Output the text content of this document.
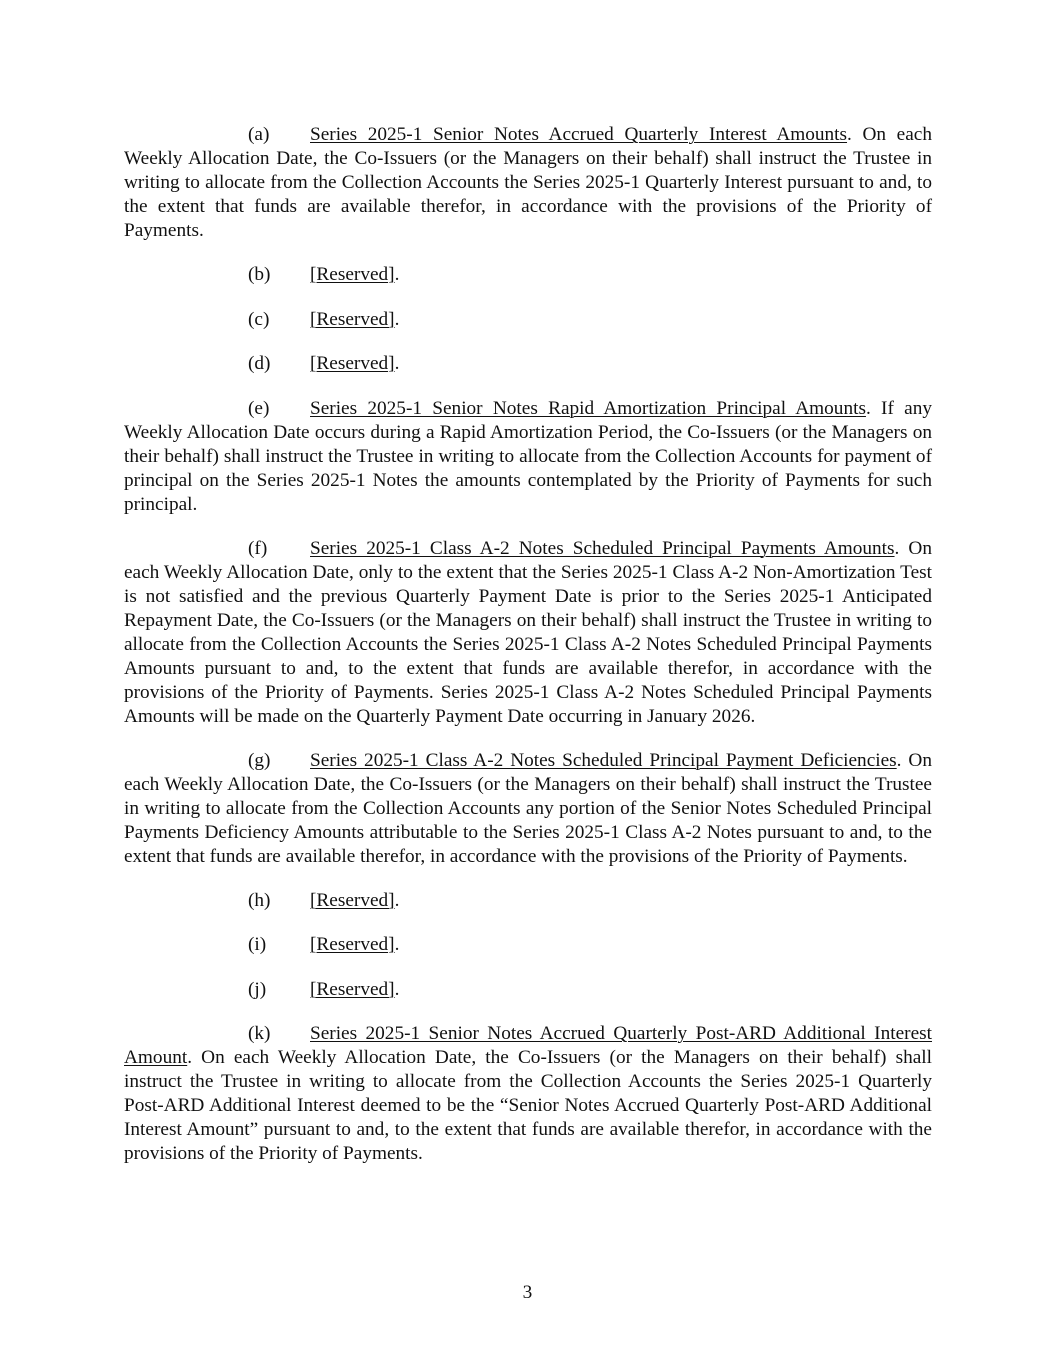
(a) Series 2025-1 Senior Notes Accrued Quarterly Interest Amounts. On each Weekly Allocation Date, the Co-Issuers (or the Managers on their behalf) shall instruct the Trustee in writing to allocate from the Collection Accounts the Series 2025-1 Quarterly Interest pursuant to and, to the extent that funds are available therefor, in accordance with the provisions of the Priority of Payments.

(b) [Reserved].

(c) [Reserved].

(d) [Reserved].

(e) Series 2025-1 Senior Notes Rapid Amortization Principal Amounts. If any Weekly Allocation Date occurs during a Rapid Amortization Period, the Co-Issuers (or the Managers on their behalf) shall instruct the Trustee in writing to allocate from the Collection Accounts for payment of principal on the Series 2025-1 Notes the amounts contemplated by the Priority of Payments for such principal.

(f) Series 2025-1 Class A-2 Notes Scheduled Principal Payments Amounts. On each Weekly Allocation Date, only to the extent that the Series 2025-1 Class A-2 Non-Amortization Test is not satisfied and the previous Quarterly Payment Date is prior to the Series 2025-1 Anticipated Repayment Date, the Co-Issuers (or the Managers on their behalf) shall instruct the Trustee in writing to allocate from the Collection Accounts the Series 2025-1 Class A-2 Notes Scheduled Principal Payments Amounts pursuant to and, to the extent that funds are available therefor, in accordance with the provisions of the Priority of Payments. Series 2025-1 Class A-2 Notes Scheduled Principal Payments Amounts will be made on the Quarterly Payment Date occurring in January 2026.

(g) Series 2025-1 Class A-2 Notes Scheduled Principal Payment Deficiencies. On each Weekly Allocation Date, the Co-Issuers (or the Managers on their behalf) shall instruct the Trustee in writing to allocate from the Collection Accounts any portion of the Senior Notes Scheduled Principal Payments Deficiency Amounts attributable to the Series 2025-1 Class A-2 Notes pursuant to and, to the extent that funds are available therefor, in accordance with the provisions of the Priority of Payments.

(h) [Reserved].

(i) [Reserved].

(j) [Reserved].

(k) Series 2025-1 Senior Notes Accrued Quarterly Post-ARD Additional Interest Amount. On each Weekly Allocation Date, the Co-Issuers (or the Managers on their behalf) shall instruct the Trustee in writing to allocate from the Collection Accounts the Series 2025-1 Quarterly Post-ARD Additional Interest deemed to be the “Senior Notes Accrued Quarterly Post-ARD Additional Interest Amount” pursuant to and, to the extent that funds are available therefor, in accordance with the provisions of the Priority of Payments.

3
